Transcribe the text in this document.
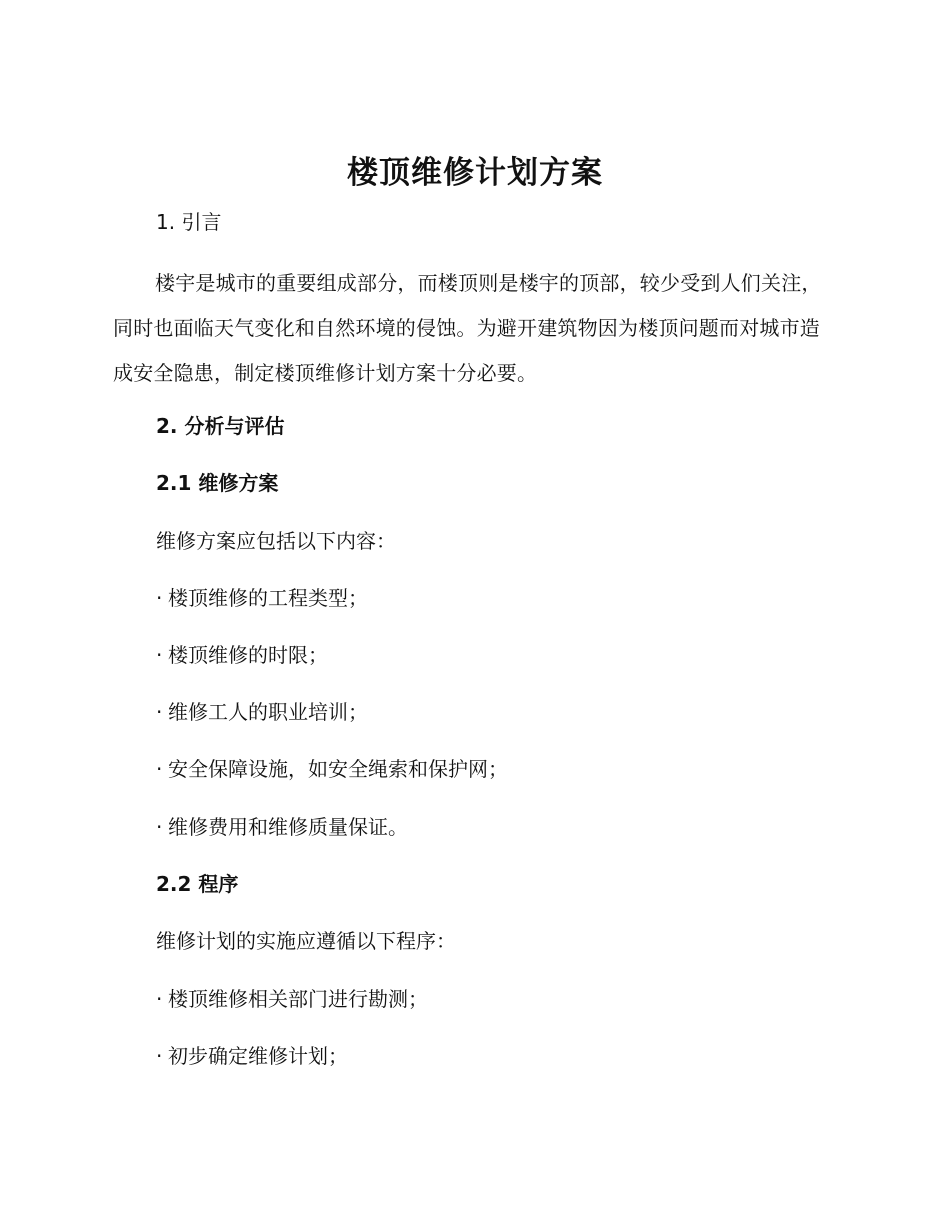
楼顶维修计划方案
1. 引言

楼宇是城市的重要组成部分，而楼顶则是楼宇的顶部，较少受到人们关注，同时也面临天气变化和自然环境的侵蚀。为避开建筑物因为楼顶问题而对城市造成安全隐患，制定楼顶维修计划方案十分必要。

2. 分析与评估
2.1 维修方案

维修方案应包括以下内容：

· 楼顶维修的工程类型；

· 楼顶维修的时限；

· 维修工人的职业培训；

· 安全保障设施，如安全绳索和保护网；

· 维修费用和维修质量保证。

2.2 程序

维修计划的实施应遵循以下程序：

· 楼顶维修相关部门进行勘测；

· 初步确定维修计划；
